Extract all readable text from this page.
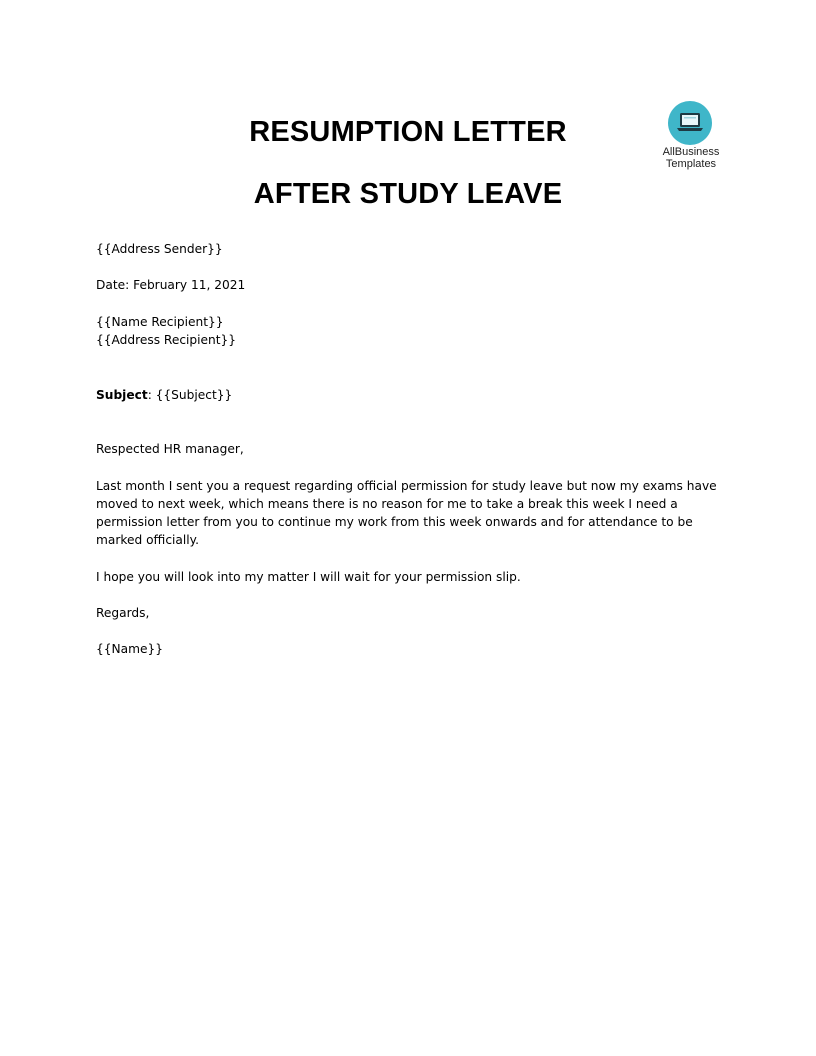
RESUMPTION LETTER
AFTER STUDY LEAVE
AllBusiness
Templates

{{Address Sender}}

Date: February 11, 2021

{{Name Recipient}}

{{Address Recipient}}

Subject: {{Subject}}

Respected HR manager,

Last month I sent you a request regarding official permission for study leave but now my exams have moved to next week, which means there is no reason for me to take a break this week I need a permission letter from you to continue my work from this week onwards and for attendance to be marked officially.

I hope you will look into my matter I will wait for your permission slip.

Regards,

{{Name}}
